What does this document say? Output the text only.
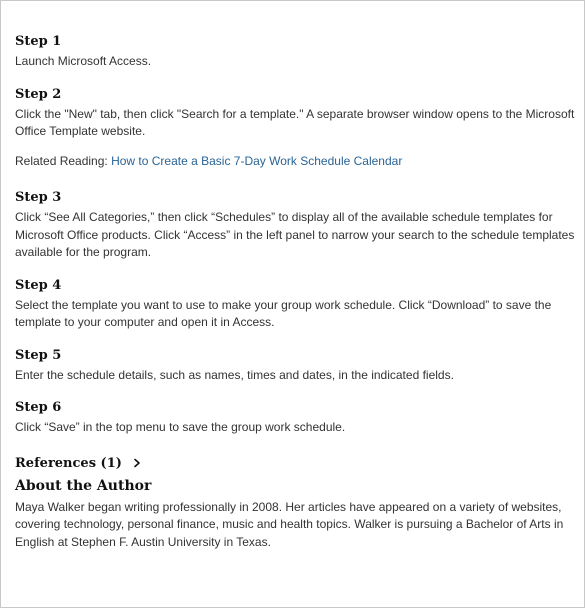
Step 1

Launch Microsoft Access.

Step 2

Click the "New" tab, then click "Search for a template." A separate browser window opens to the Microsoft Office Template website.

Related Reading: How to Create a Basic 7-Day Work Schedule Calendar
Step 3

Click “See All Categories,” then click “Schedules” to display all of the available schedule templates for Microsoft Office products. Click “Access” in the left panel to narrow your search to the schedule templates available for the program.

Step 4

Select the template you want to use to make your group work schedule. Click “Download” to save the template to your computer and open it in Access.

Step 5

Enter the schedule details, such as names, times and dates, in the indicated fields.

Step 6

Click “Save” in the top menu to save the group work schedule.

References (1)
About the Author

Maya Walker began writing professionally in 2008. Her articles have appeared on a variety of websites, covering technology, personal finance, music and health topics. Walker is pursuing a Bachelor of Arts in English at Stephen F. Austin University in Texas.
